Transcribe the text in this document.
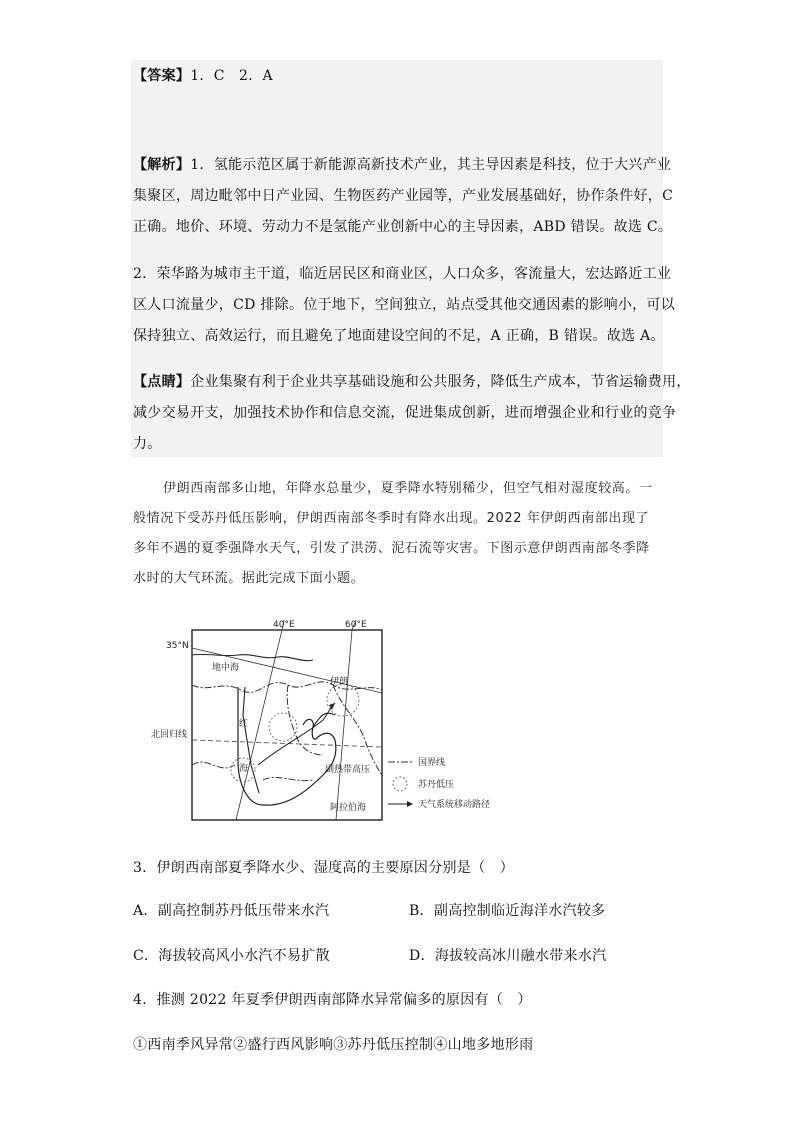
【答案】1．C　2．A
【解析】1．氢能示范区属于新能源高新技术产业，其主导因素是科技，位于大兴产业
集聚区，周边毗邻中日产业园、生物医药产业园等，产业发展基础好，协作条件好，C
正确。地价、环境、劳动力不是氢能产业创新中心的主导因素，ABD 错误。故选 C。
2．荣华路为城市主干道，临近居民区和商业区，人口众多，客流量大，宏达路近工业
区人口流量少，CD 排除。位于地下，空间独立，站点受其他交通因素的影响小，可以
保持独立、高效运行，而且避免了地面建设空间的不足，A 正确，B 错误。故选 A。
【点睛】企业集聚有利于企业共享基础设施和公共服务，降低生产成本，节省运输费用，
减少交易开支，加强技术协作和信息交流，促进集成创新，进而增强企业和行业的竞争
力。
伊朗西南部多山地，年降水总量少，夏季降水特别稀少，但空气相对湿度较高。一
般情况下受苏丹低压影响，伊朗西南部冬季时有降水出现。2022 年伊朗西南部出现了
多年不遇的夏季强降水天气，引发了洪涝、泥石流等灾害。下图示意伊朗西南部冬季降
水时的大气环流。据此完成下面小题。
40°E	60°E
35°N
地中海
伊朗
北回归线
红
海	副热带高压
阿拉伯海
国界线
苏丹低压
天气系统移动路径
3．伊朗西南部夏季降水少、湿度高的主要原因分别是（　）
A．副高控制苏丹低压带来水汽	B．副高控制临近海洋水汽较多
C．海拔较高风小水汽不易扩散	D．海拔较高冰川融水带来水汽
4．推测 2022 年夏季伊朗西南部降水异常偏多的原因有（　）
①西南季风异常②盛行西风影响③苏丹低压控制④山地多地形雨
